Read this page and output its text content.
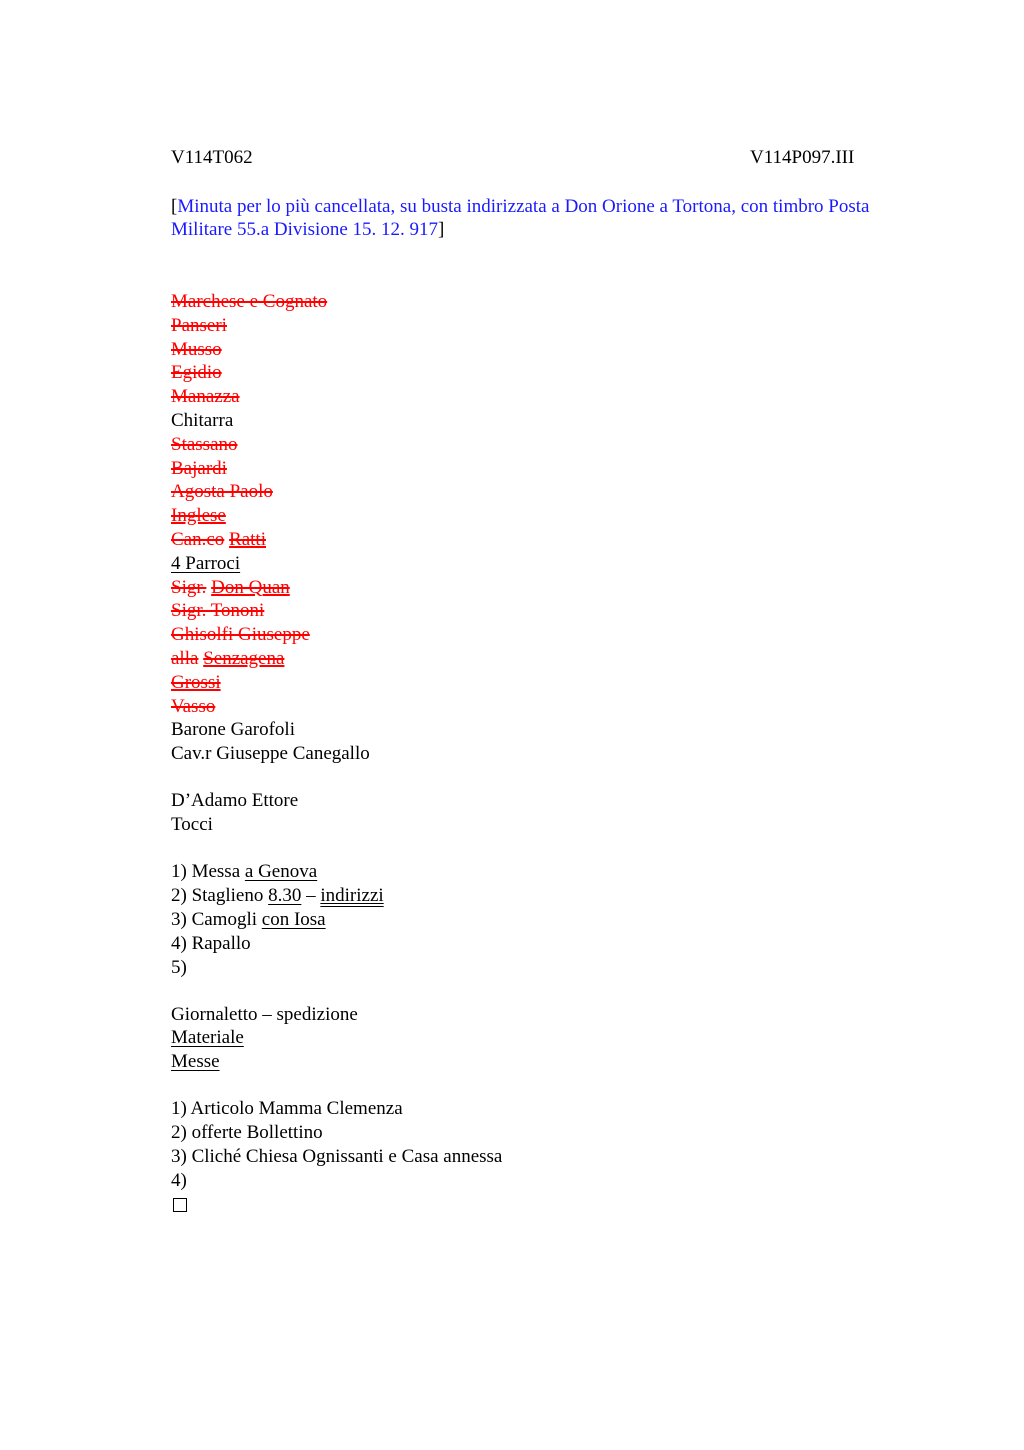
V114T062	V114P097.III
[Minuta per lo più cancellata, su busta indirizzata a Don Orione a Tortona, con timbro Posta Militare 55.a Divisione 15. 12. 917]
Marchese e Cognato
Panseri
Musso
Egidio
Manazza
Chitarra
Stassano
Bajardi
Agosta Paolo
Inglese
Can.co Ratti
4 Parroci
Sigr. Don Quan
Sigr. Tononi
Ghisolfi Giuseppe
alla Senzagena
Grossi
Vasso
Barone Garofoli
Cav.r Giuseppe Canegallo
D’Adamo Ettore
Tocci
1) Messa a Genova
2) Staglieno 8.30 – indirizzi
3) Camogli con Iosa
4) Rapallo
5)
Giornaletto – spedizione
Materiale
Messe
1) Articolo Mamma Clemenza
2) offerte Bollettino
3) Cliché Chiesa Ognissanti e Casa annessa
4)
